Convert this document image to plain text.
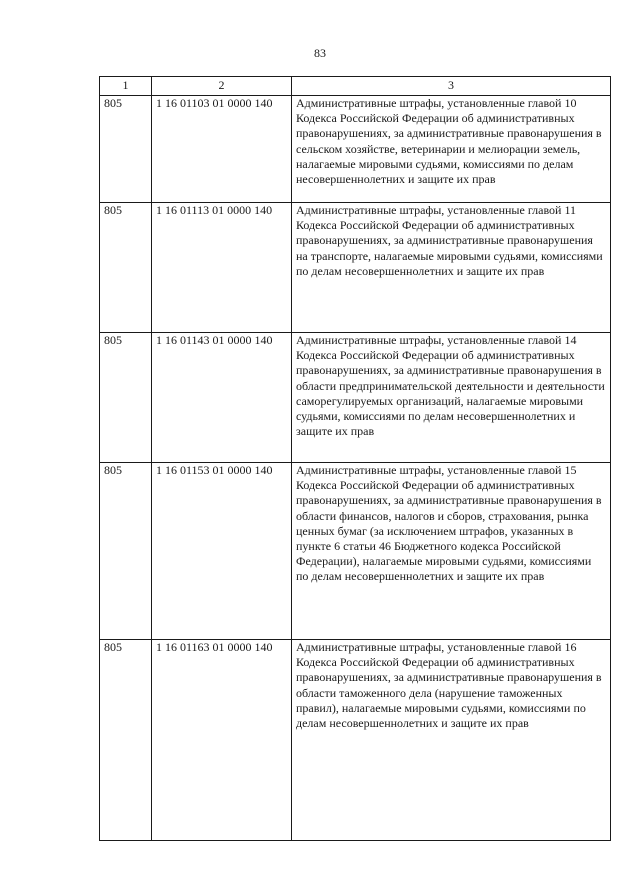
83
1	2	3
805	1 16 01103 01 0000 140	Административные штрафы, установленные главой 10 Кодекса Российской Федерации об административных правонарушениях, за административные правонарушения в сельском хозяйстве, ветеринарии и мелиорации земель, налагаемые мировыми судьями, комиссиями по делам несовершеннолетних и защите их прав
805	1 16 01113 01 0000 140	Административные штрафы, установленные главой 11 Кодекса Российской Федерации об административных правонарушениях, за административные правонарушения на транспорте, налагаемые мировыми судьями, комиссиями по делам несовершеннолетних и защите их прав
805	1 16 01143 01 0000 140	Административные штрафы, установленные главой 14 Кодекса Российской Федерации об административных правонарушениях, за административные правонарушения в области предпринимательской деятельности и деятельности саморегулируемых организаций, налагаемые мировыми судьями, комиссиями по делам несовершеннолетних и защите их прав
805	1 16 01153 01 0000 140	Административные штрафы, установленные главой 15 Кодекса Российской Федерации об административных правонарушениях, за административные правонарушения в области финансов, налогов и сборов, страхования, рынка ценных бумаг (за исключением штрафов, указанных в пункте 6 статьи 46 Бюджетного кодекса Российской Федерации), налагаемые мировыми судьями, комиссиями по делам несовершеннолетних и защите их прав
805	1 16 01163 01 0000 140	Административные штрафы, установленные главой 16 Кодекса Российской Федерации об административных правонарушениях, за административные правонарушения в области таможенного дела (нарушение таможенных правил), налагаемые мировыми судьями, комиссиями по делам несовершеннолетних и защите их прав
